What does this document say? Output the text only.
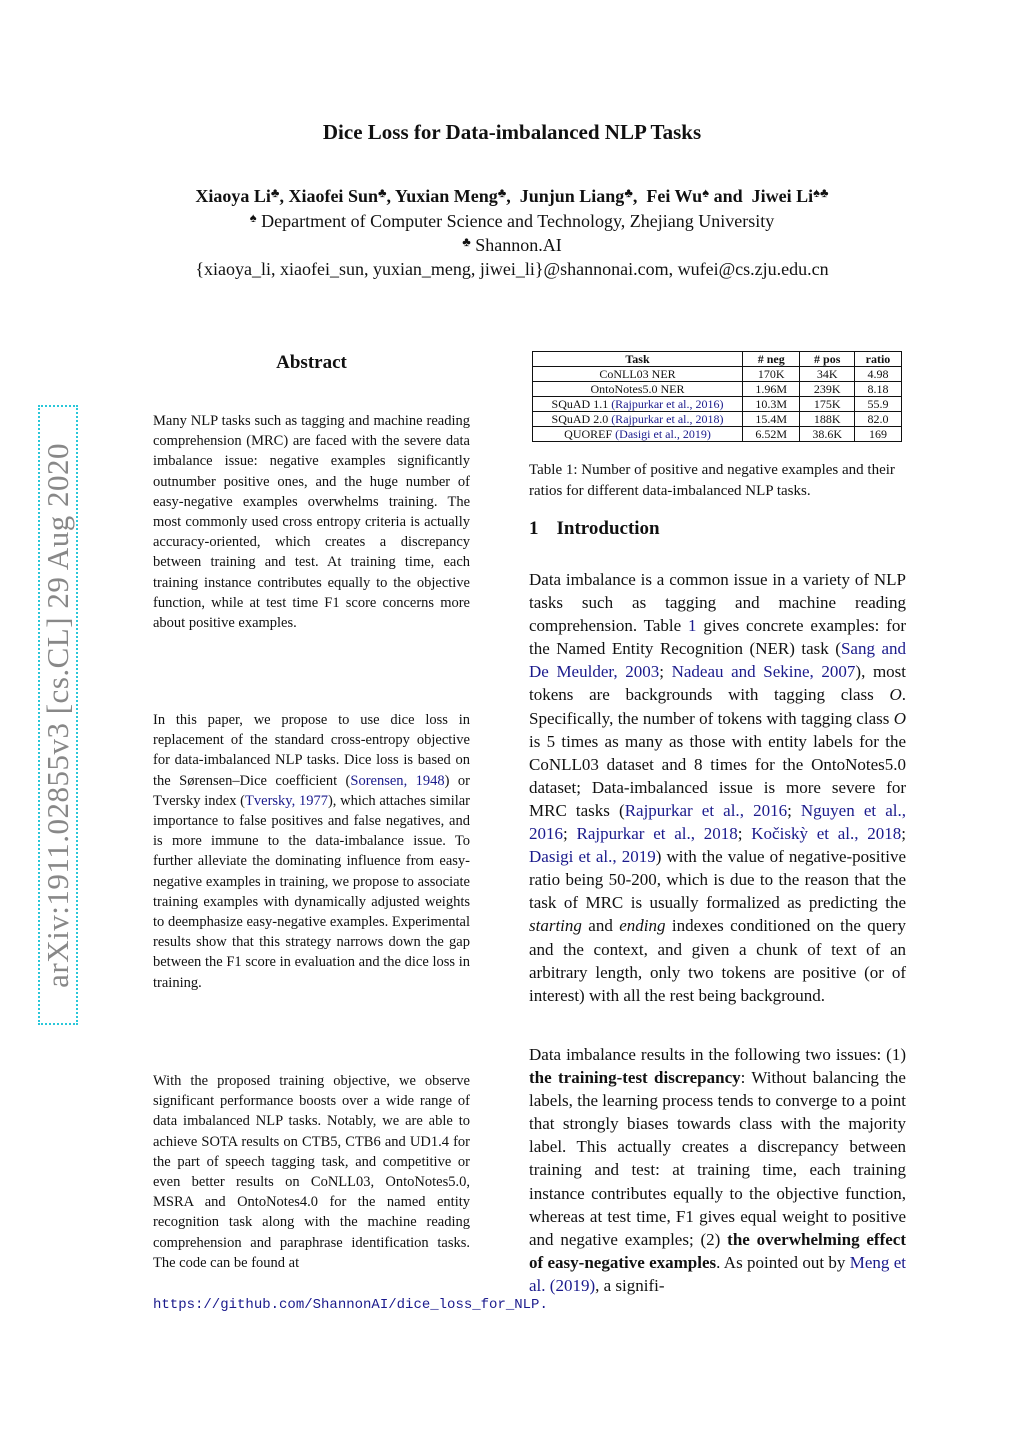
Dice Loss for Data-imbalanced NLP Tasks
Xiaoya Li♣, Xiaofei Sun♣, Yuxian Meng♣,  Junjun Liang♣,  Fei Wu♠ and Jiwei Li♠♣
♠ Department of Computer Science and Technology, Zhejiang University
♣ Shannon.AI
{xiaoya_li, xiaofei_sun, yuxian_meng, jiwei_li}@shannonai.com, wufei@cs.zju.edu.cn
arXiv:1911.02855v3 [cs.CL] 29 Aug 2020
Abstract

Many NLP tasks such as tagging and machine reading comprehension (MRC) are faced with the severe data imbalance issue: negative examples significantly outnumber positive ones, and the huge number of easy-negative examples overwhelms training. The most commonly used cross entropy criteria is actually accuracy-oriented, which creates a discrepancy between training and test. At training time, each training instance contributes equally to the objective function, while at test time F1 score concerns more about positive examples.

In this paper, we propose to use dice loss in replacement of the standard cross-entropy objective for data-imbalanced NLP tasks. Dice loss is based on the Sørensen–Dice coefficient (Sorensen, 1948) or Tversky index (Tversky, 1977), which attaches similar importance to false positives and false negatives, and is more immune to the data-imbalance issue. To further alleviate the dominating influence from easy-negative examples in training, we propose to associate training examples with dynamically adjusted weights to deemphasize easy-negative examples. Experimental results show that this strategy narrows down the gap between the F1 score in evaluation and the dice loss in training.

With the proposed training objective, we observe significant performance boosts over a wide range of data imbalanced NLP tasks. Notably, we are able to achieve SOTA results on CTB5, CTB6 and UD1.4 for the part of speech tagging task, and competitive or even better results on CoNLL03, OntoNotes5.0, MSRA and OntoNotes4.0 for the named entity recognition task along with the machine reading comprehension and paraphrase identification tasks. The code can be found at

https://github.com/ShannonAI/dice_loss_for_NLP.
Task	# neg	# pos	ratio
CoNLL03 NER	170K	34K	4.98
OntoNotes5.0 NER	1.96M	239K	8.18
SQuAD 1.1 (Rajpurkar et al., 2016)	10.3M	175K	55.9
SQuAD 2.0 (Rajpurkar et al., 2018)	15.4M	188K	82.0
QUOREF (Dasigi et al., 2019)	6.52M	38.6K	169
Table 1: Number of positive and negative examples and their ratios for different data-imbalanced NLP tasks.
1 Introduction

Data imbalance is a common issue in a variety of NLP tasks such as tagging and machine reading comprehension. Table 1 gives concrete examples: for the Named Entity Recognition (NER) task (Sang and De Meulder, 2003; Nadeau and Sekine, 2007), most tokens are backgrounds with tagging class O. Specifically, the number of tokens with tagging class O is 5 times as many as those with entity labels for the CoNLL03 dataset and 8 times for the OntoNotes5.0 dataset; Data-imbalanced issue is more severe for MRC tasks (Rajpurkar et al., 2016; Nguyen et al., 2016; Rajpurkar et al., 2018; Kočiskỳ et al., 2018; Dasigi et al., 2019) with the value of negative-positive ratio being 50-200, which is due to the reason that the task of MRC is usually formalized as predicting the starting and ending indexes conditioned on the query and the context, and given a chunk of text of an arbitrary length, only two tokens are positive (or of interest) with all the rest being background.

Data imbalance results in the following two issues: (1) the training-test discrepancy: Without balancing the labels, the learning process tends to converge to a point that strongly biases towards class with the majority label. This actually creates a discrepancy between training and test: at training time, each training instance contributes equally to the objective function, whereas at test time, F1 gives equal weight to positive and negative examples; (2) the overwhelming effect of easy-negative examples. As pointed out by Meng et al. (2019), a signifi-
